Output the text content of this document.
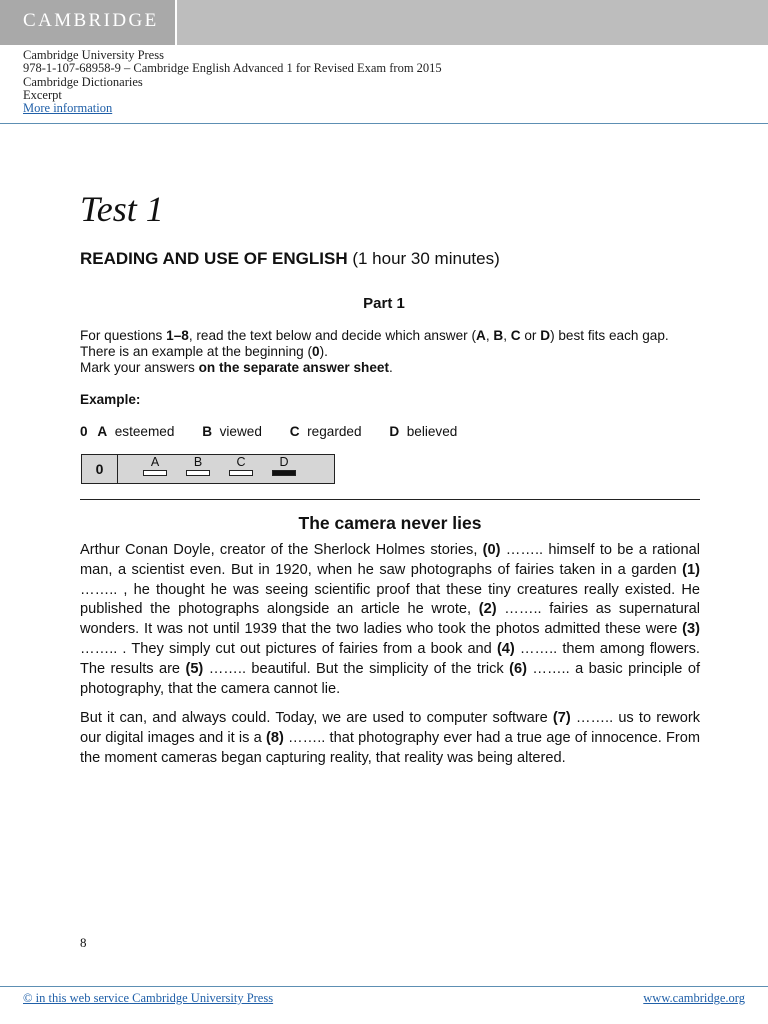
CAMBRIDGE
Cambridge University Press
978-1-107-68958-9 – Cambridge English Advanced 1 for Revised Exam from 2015
Cambridge Dictionaries
Excerpt
More information
Test 1
READING AND USE OF ENGLISH (1 hour 30 minutes)
Part 1
For questions 1–8, read the text below and decide which answer (A, B, C or D) best fits each gap.
There is an example at the beginning (0).
Mark your answers on the separate answer sheet.
Example:
0 A esteemed B viewed C regarded D believed
0	A	B	C	D
The camera never lies
Arthur Conan Doyle, creator of the Sherlock Holmes stories, (0) …….. himself to be a rational man, a scientist even. But in 1920, when he saw photographs of fairies taken in a garden (1) …….. , he thought he was seeing scientific proof that these tiny creatures really existed. He published the photographs alongside an article he wrote, (2) …….. fairies as supernatural wonders. It was not until 1939 that the two ladies who took the photos admitted these were (3) …….. . They simply cut out pictures of fairies from a book and (4) …….. them among flowers. The results are (5) …….. beautiful. But the simplicity of the trick (6) …….. a basic principle of photography, that the camera cannot lie.
But it can, and always could. Today, we are used to computer software (7) …….. us to rework our digital images and it is a (8) …….. that photography ever had a true age of innocence. From the moment cameras began capturing reality, that reality was being altered.
8
© in this web service Cambridge University Press	www.cambridge.org
